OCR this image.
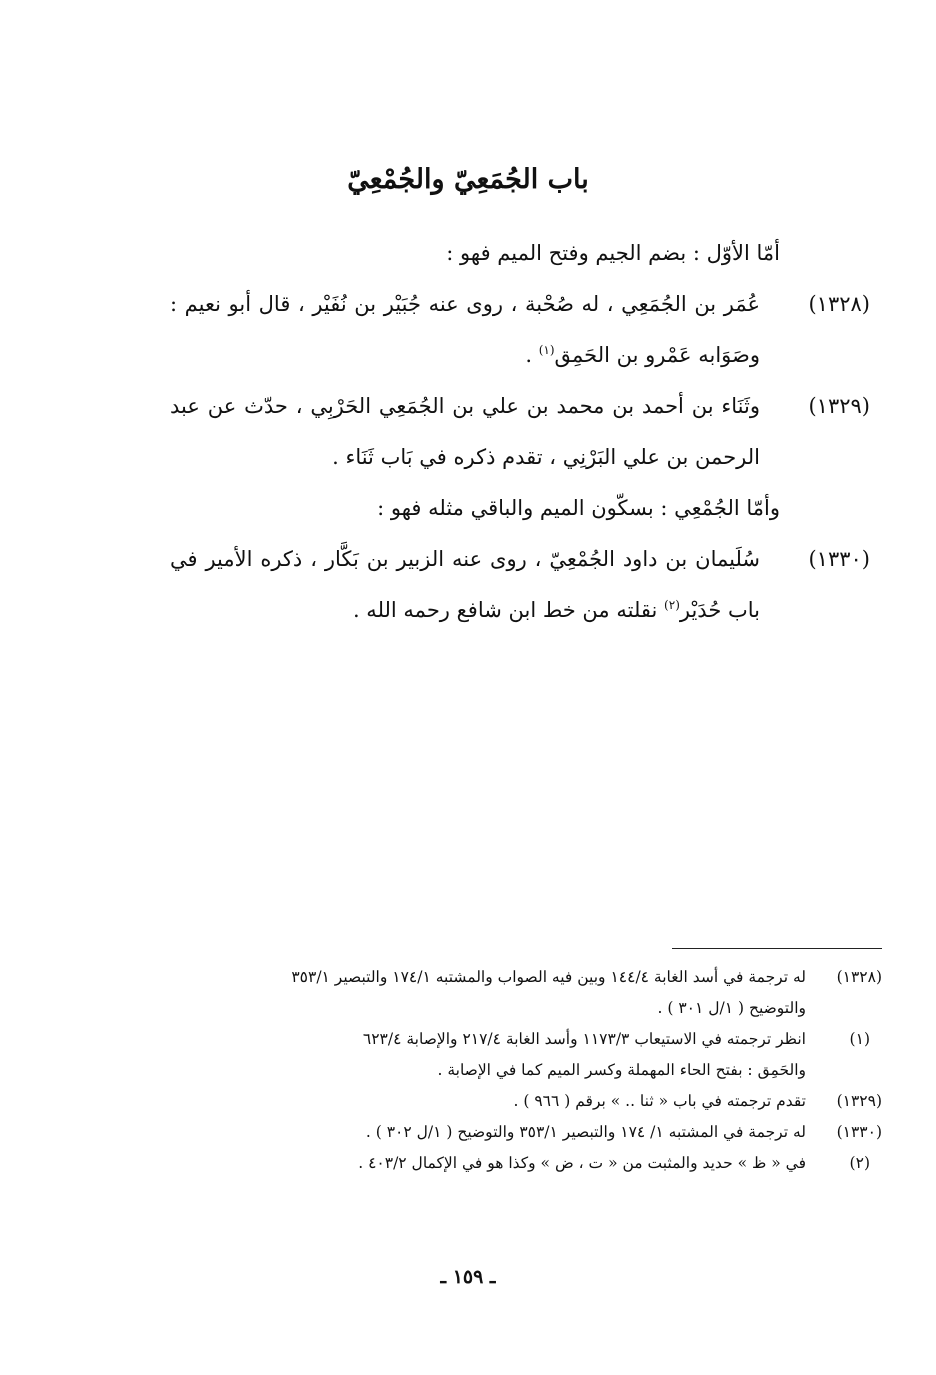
باب الجُمَعِيّ والجُمْعِيّ
أمّا الأوّل : بضم الجيم وفتح الميم فهو :
(١٣٢٨)
عُمَر بن الجُمَعِي ، له صُحْبة ، روى عنه جُبَيْر بن نُفَيْر ، قال أبو نعيم : وصَوَابه عَمْرو بن الحَمِق$^{(١)}$ .
(١٣٢٩)
وثَنَاء بن أحمد بن محمد بن علي بن الجُمَعِي الحَرْبِي ، حدّث عن عبد الرحمن بن علي البَرْنِي ، تقدم ذكره في بَاب ثَنَاء .
وأمّا الجُمْعِي : بسكّون الميم والباقي مثله فهو :
(١٣٣٠)
سُلَيمان بن داود الجُمْعِيّ ، روى عنه الزبير بن بَكَّار ، ذكره الأمير في باب حُدَيْر$^{(٢)}$ نقلته من خط ابن شافع رحمه الله .
(١٣٢٨)
له ترجمة في أسد الغابة ١٤٤/٤ وبين فيه الصواب والمشتبه ١٧٤/١ والتبصير ٣٥٣/١
والتوضيح ( ١/ل ٣٠١ ) .
(١)
انظر ترجمته في الاستيعاب ١١٧٣/٣ وأسد الغابة ٢١٧/٤ والإصابة ٦٢٣/٤
والحَمِق : بفتح الحاء المهملة وكسر الميم كما في الإصابة .
(١٣٢٩)
تقدم ترجمته في باب « ثنا .. » برقم ( ٩٦٦ ) .
(١٣٣٠)
له ترجمة في المشتبه ١/ ١٧٤ والتبصير ٣٥٣/١ والتوضيح ( ١/ل ٣٠٢ ) .
(٢)
في « ظ » حديد والمثبت من « ت ، ض » وكذا هو في الإكمال ٤٠٣/٢ .
ـ ١٥٩ ـ
